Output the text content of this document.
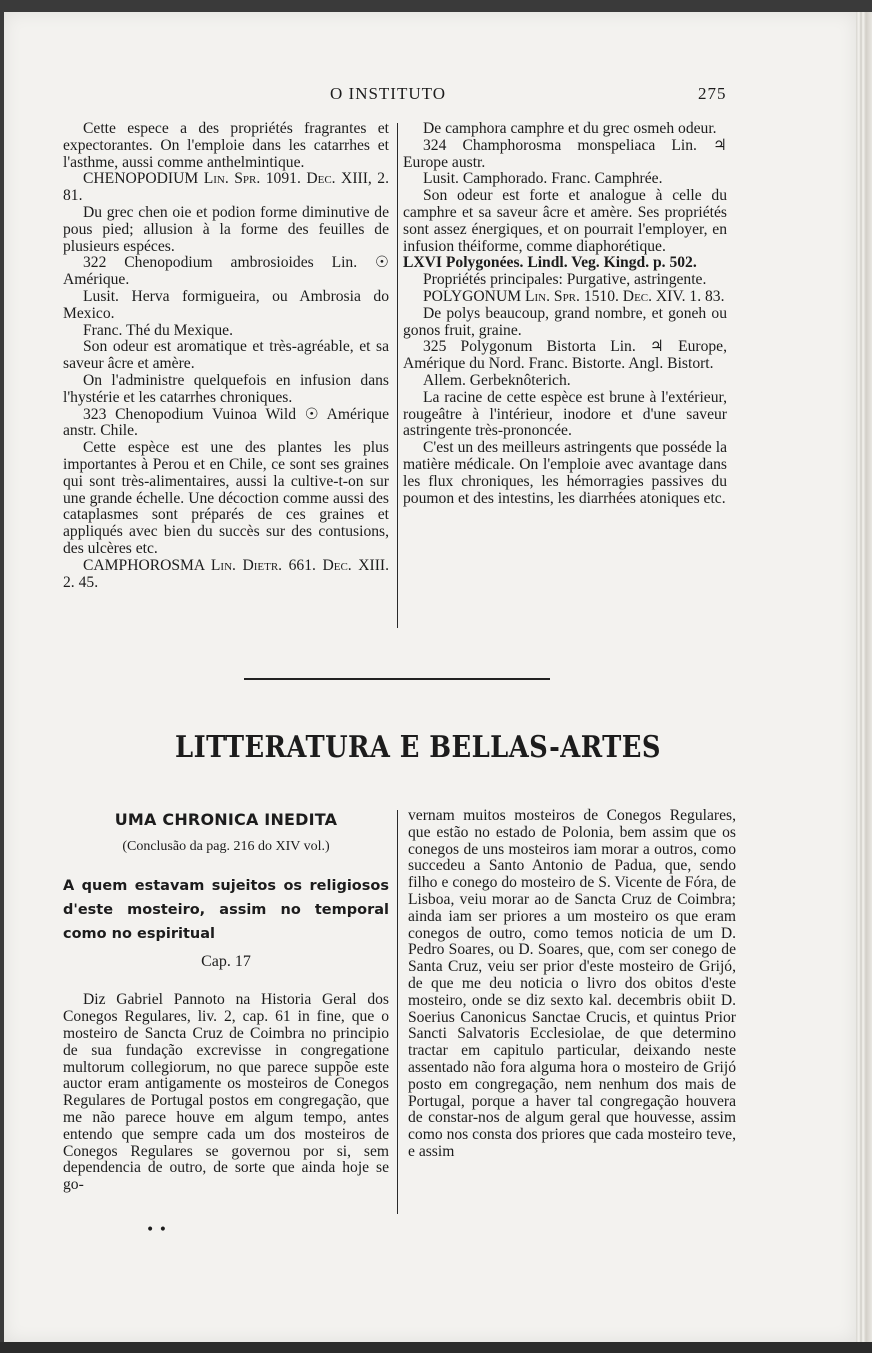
O INSTITUTO	275

Cette espece a des propriétés fragrantes et expectorantes. On l'emploie dans les catarrhes et l'asthme, aussi comme anthelmintique.

CHENOPODIUM Lin. Spr. 1091. Dec. XIII, 2. 81.

Du grec chen oie et podion forme diminutive de pous pied; allusion à la forme des feuilles de plusieurs espéces.

322 Chenopodium ambrosioides Lin. ☉ Amérique.

Lusit. Herva formigueira, ou Ambrosia do Mexico.

Franc. Thé du Mexique.

Son odeur est aromatique et très-agréable, et sa saveur âcre et amère.

On l'administre quelquefois en infusion dans l'hystérie et les catarrhes chroniques.

323 Chenopodium Vuinoa Wild ☉ Amérique anstr. Chile.

Cette espèce est une des plantes les plus importantes à Perou et en Chile, ce sont ses graines qui sont très-alimentaires, aussi la cultive-t-on sur une grande échelle. Une décoction comme aussi des cataplasmes sont préparés de ces graines et appliqués avec bien du succès sur des contusions, des ulcères etc.

CAMPHOROSMA Lin. Dietr. 661. Dec. XIII. 2. 45.

De camphora camphre et du grec osmeh odeur.

324 Champhorosma monspeliaca Lin. ♃ Europe austr.

Lusit. Camphorado. Franc. Camphrée.

Son odeur est forte et analogue à celle du camphre et sa saveur âcre et amère. Ses propriétés sont assez énergiques, et on pourrait l'employer, en infusion théiforme, comme diaphorétique.

LXVI Polygonées. Lindl. Veg. Kingd. p. 502.

Propriétés principales: Purgative, astringente.

POLYGONUM Lin. Spr. 1510. Dec. XIV. 1. 83.

De polys beaucoup, grand nombre, et goneh ou gonos fruit, graine.

325 Polygonum Bistorta Lin. ♃ Europe, Amérique du Nord. Franc. Bistorte. Angl. Bistort.

Allem. Gerbeknôterich.

La racine de cette espèce est brune à l'extérieur, rougeâtre à l'intérieur, inodore et d'une saveur astringente très-prononcée.

C'est un des meilleurs astringents que posséde la matière médicale. On l'emploie avec avantage dans les flux chroniques, les hémorragies passives du poumon et des intestins, les diarrhées atoniques etc.

LITTERATURA E BELLAS-ARTES

UMA CHRONICA INEDITA

(Conclusão da pag. 216 do XIV vol.)

A quem estavam sujeitos os religiosos d'este mosteiro, assim no temporal como no espiritual

Cap. 17

Diz Gabriel Pannoto na Historia Geral dos Conegos Regulares, liv. 2, cap. 61 in fine, que o mosteiro de Sancta Cruz de Coimbra no principio de sua fundação excrevisse in congregatione multorum collegiorum, no que parece suppõe este auctor eram antigamente os mosteiros de Conegos Regulares de Portugal postos em congregação, que me não parece houve em algum tempo, antes entendo que sempre cada um dos mosteiros de Conegos Regulares se governou por si, sem dependencia de outro, de sorte que ainda hoje se go-

vernam muitos mosteiros de Conegos Regulares, que estão no estado de Polonia, bem assim que os conegos de uns mosteiros iam morar a outros, como succedeu a Santo Antonio de Padua, que, sendo filho e conego do mosteiro de S. Vicente de Fóra, de Lisboa, veiu morar ao de Sancta Cruz de Coimbra; ainda iam ser priores a um mosteiro os que eram conegos de outro, como temos noticia de um D. Pedro Soares, ou D. Soares, que, com ser conego de Santa Cruz, veiu ser prior d'este mosteiro de Grijó, de que me deu noticia o livro dos obitos d'este mosteiro, onde se diz sexto kal. decembris obiit D. Soerius Canonicus Sanctae Crucis, et quintus Prior Sancti Salvatoris Ecclesiolae, de que determino tractar em capitulo particular, deixando neste assentado não fora alguma hora o mosteiro de Grijó posto em congregação, nem nenhum dos mais de Portugal, porque a haver tal congregação houvera de constar-nos de algum geral que houvesse, assim como nos consta dos priores que cada mosteiro teve, e assim

• •
